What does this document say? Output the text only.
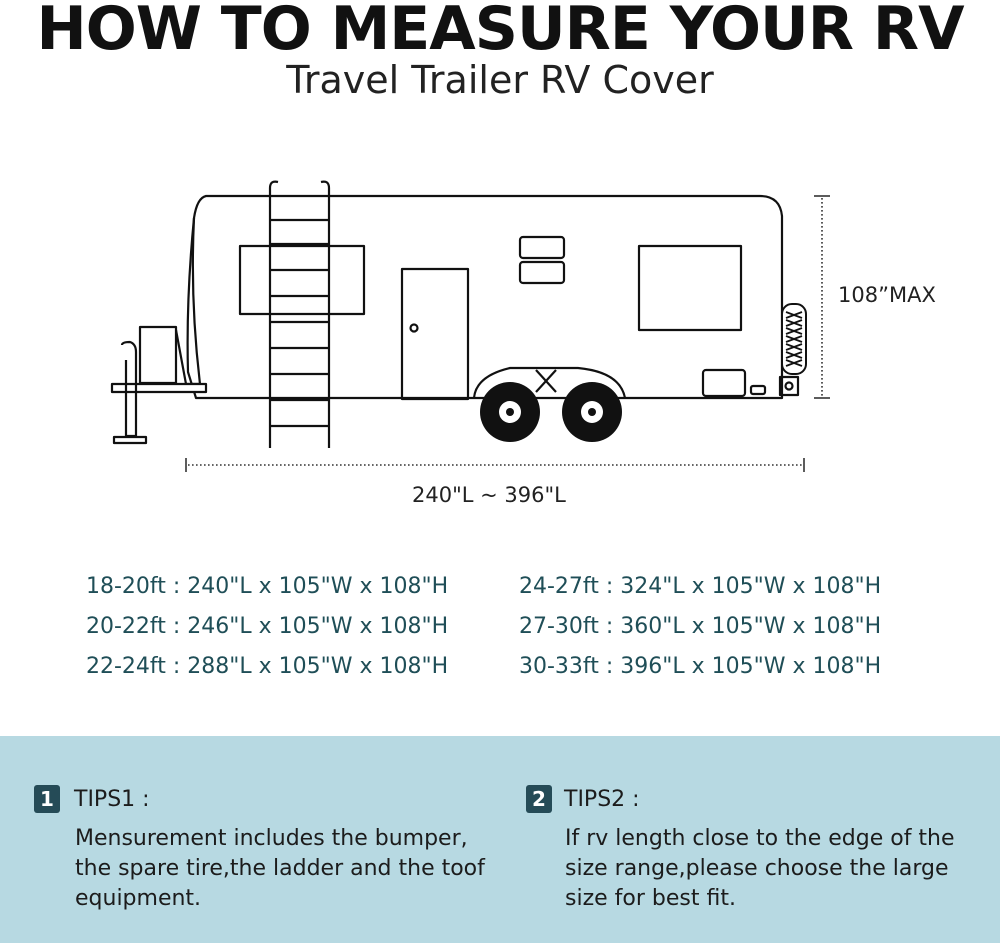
HOW TO MEASURE YOUR RV
Travel Trailer RV Cover
108”MAX
240"L ~ 396"L
18-20ft : 240"L x 105"W x 108"H
20-22ft : 246"L x 105"W x 108"H
22-24ft : 288"L x 105"W x 108"H
24-27ft : 324"L x 105"W x 108"H
27-30ft : 360"L x 105"W x 108"H
30-33ft : 396"L x 105"W x 108"H
1 TIPS1 :
Mensurement includes the bumper,
the spare tire,the ladder and the toof
equipment.
2 TIPS2 :
If rv length close to the edge of the
size range,please choose the large
size for best fit.
